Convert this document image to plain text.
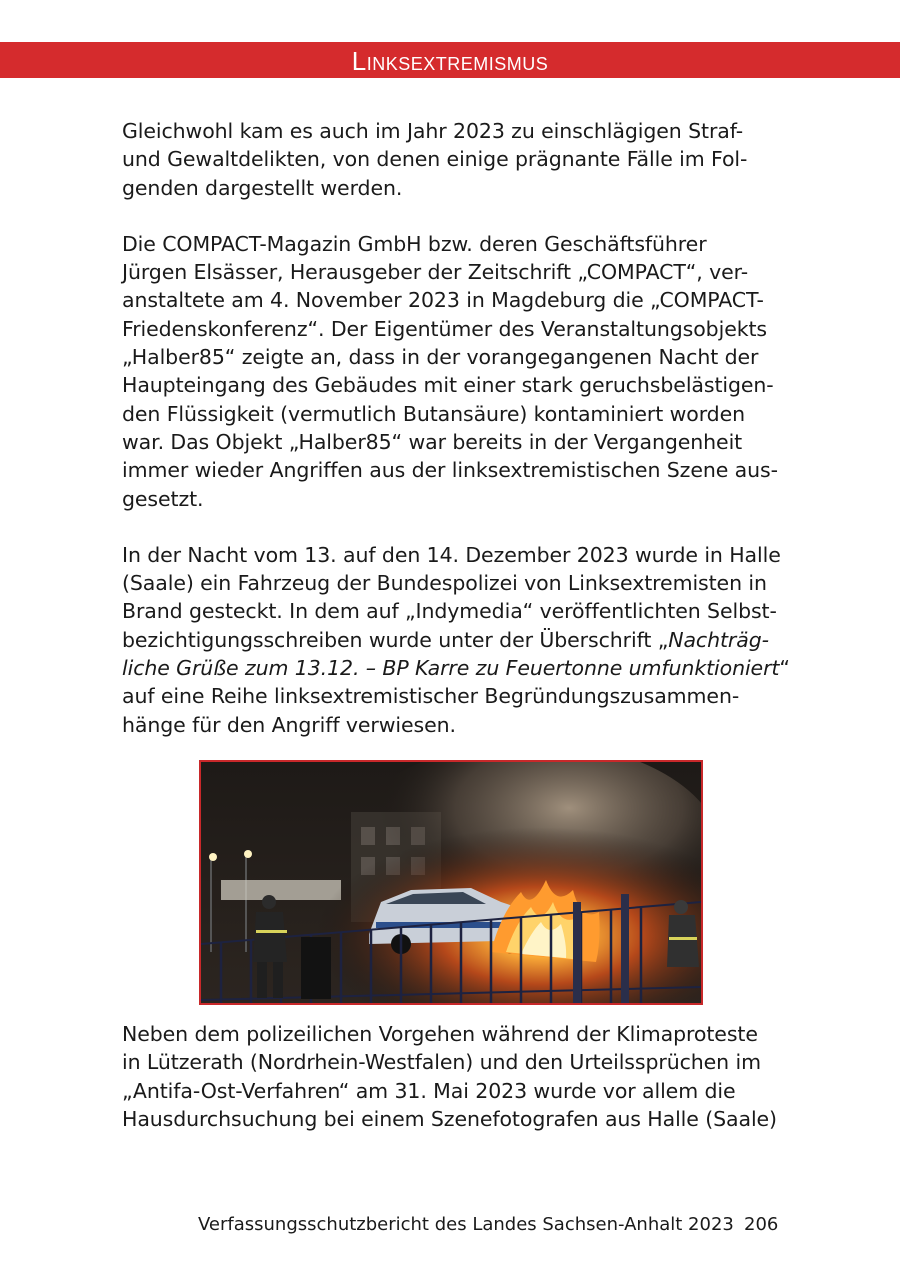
Linksextremismus

Gleichwohl kam es auch im Jahr 2023 zu einschlägigen Straf-
und Gewaltdelikten, von denen einige prägnante Fälle im Fol-
genden dargestellt werden.

Die COMPACT-Magazin GmbH bzw. deren Geschäftsführer
Jürgen Elsässer, Herausgeber der Zeitschrift „COMPACT“, ver-
anstaltete am 4. November 2023 in Magdeburg die „COMPACT-
Friedenskonferenz“. Der Eigentümer des Veranstaltungsobjekts
„Halber85“ zeigte an, dass in der vorangegangenen Nacht der
Haupteingang des Gebäudes mit einer stark geruchsbelästigen-
den Flüssigkeit (vermutlich Butansäure) kontaminiert worden
war. Das Objekt „Halber85“ war bereits in der Vergangenheit
immer wieder Angriffen aus der linksextremistischen Szene aus-
gesetzt.

In der Nacht vom 13. auf den 14. Dezember 2023 wurde in Halle
(Saale) ein Fahrzeug der Bundespolizei von Linksextremisten in
Brand gesteckt. In dem auf „Indymedia“ veröffentlichten Selbst-
bezichtigungsschreiben wurde unter der Überschrift „Nachträg-
liche Grüße zum 13.12. – BP Karre zu Feuertonne umfunktioniert“
auf eine Reihe linksextremistischer Begründungszusammen-
hänge für den Angriff verwiesen.

Neben dem polizeilichen Vorgehen während der Klimaproteste
in Lützerath (Nordrhein-Westfalen) und den Urteilssprüchen im
„Antifa-Ost-Verfahren“ am 31. Mai 2023 wurde vor allem die
Hausdurchsuchung bei einem Szenefotografen aus Halle (Saale)

Verfassungsschutzbericht des Landes Sachsen-Anhalt 2023 206
